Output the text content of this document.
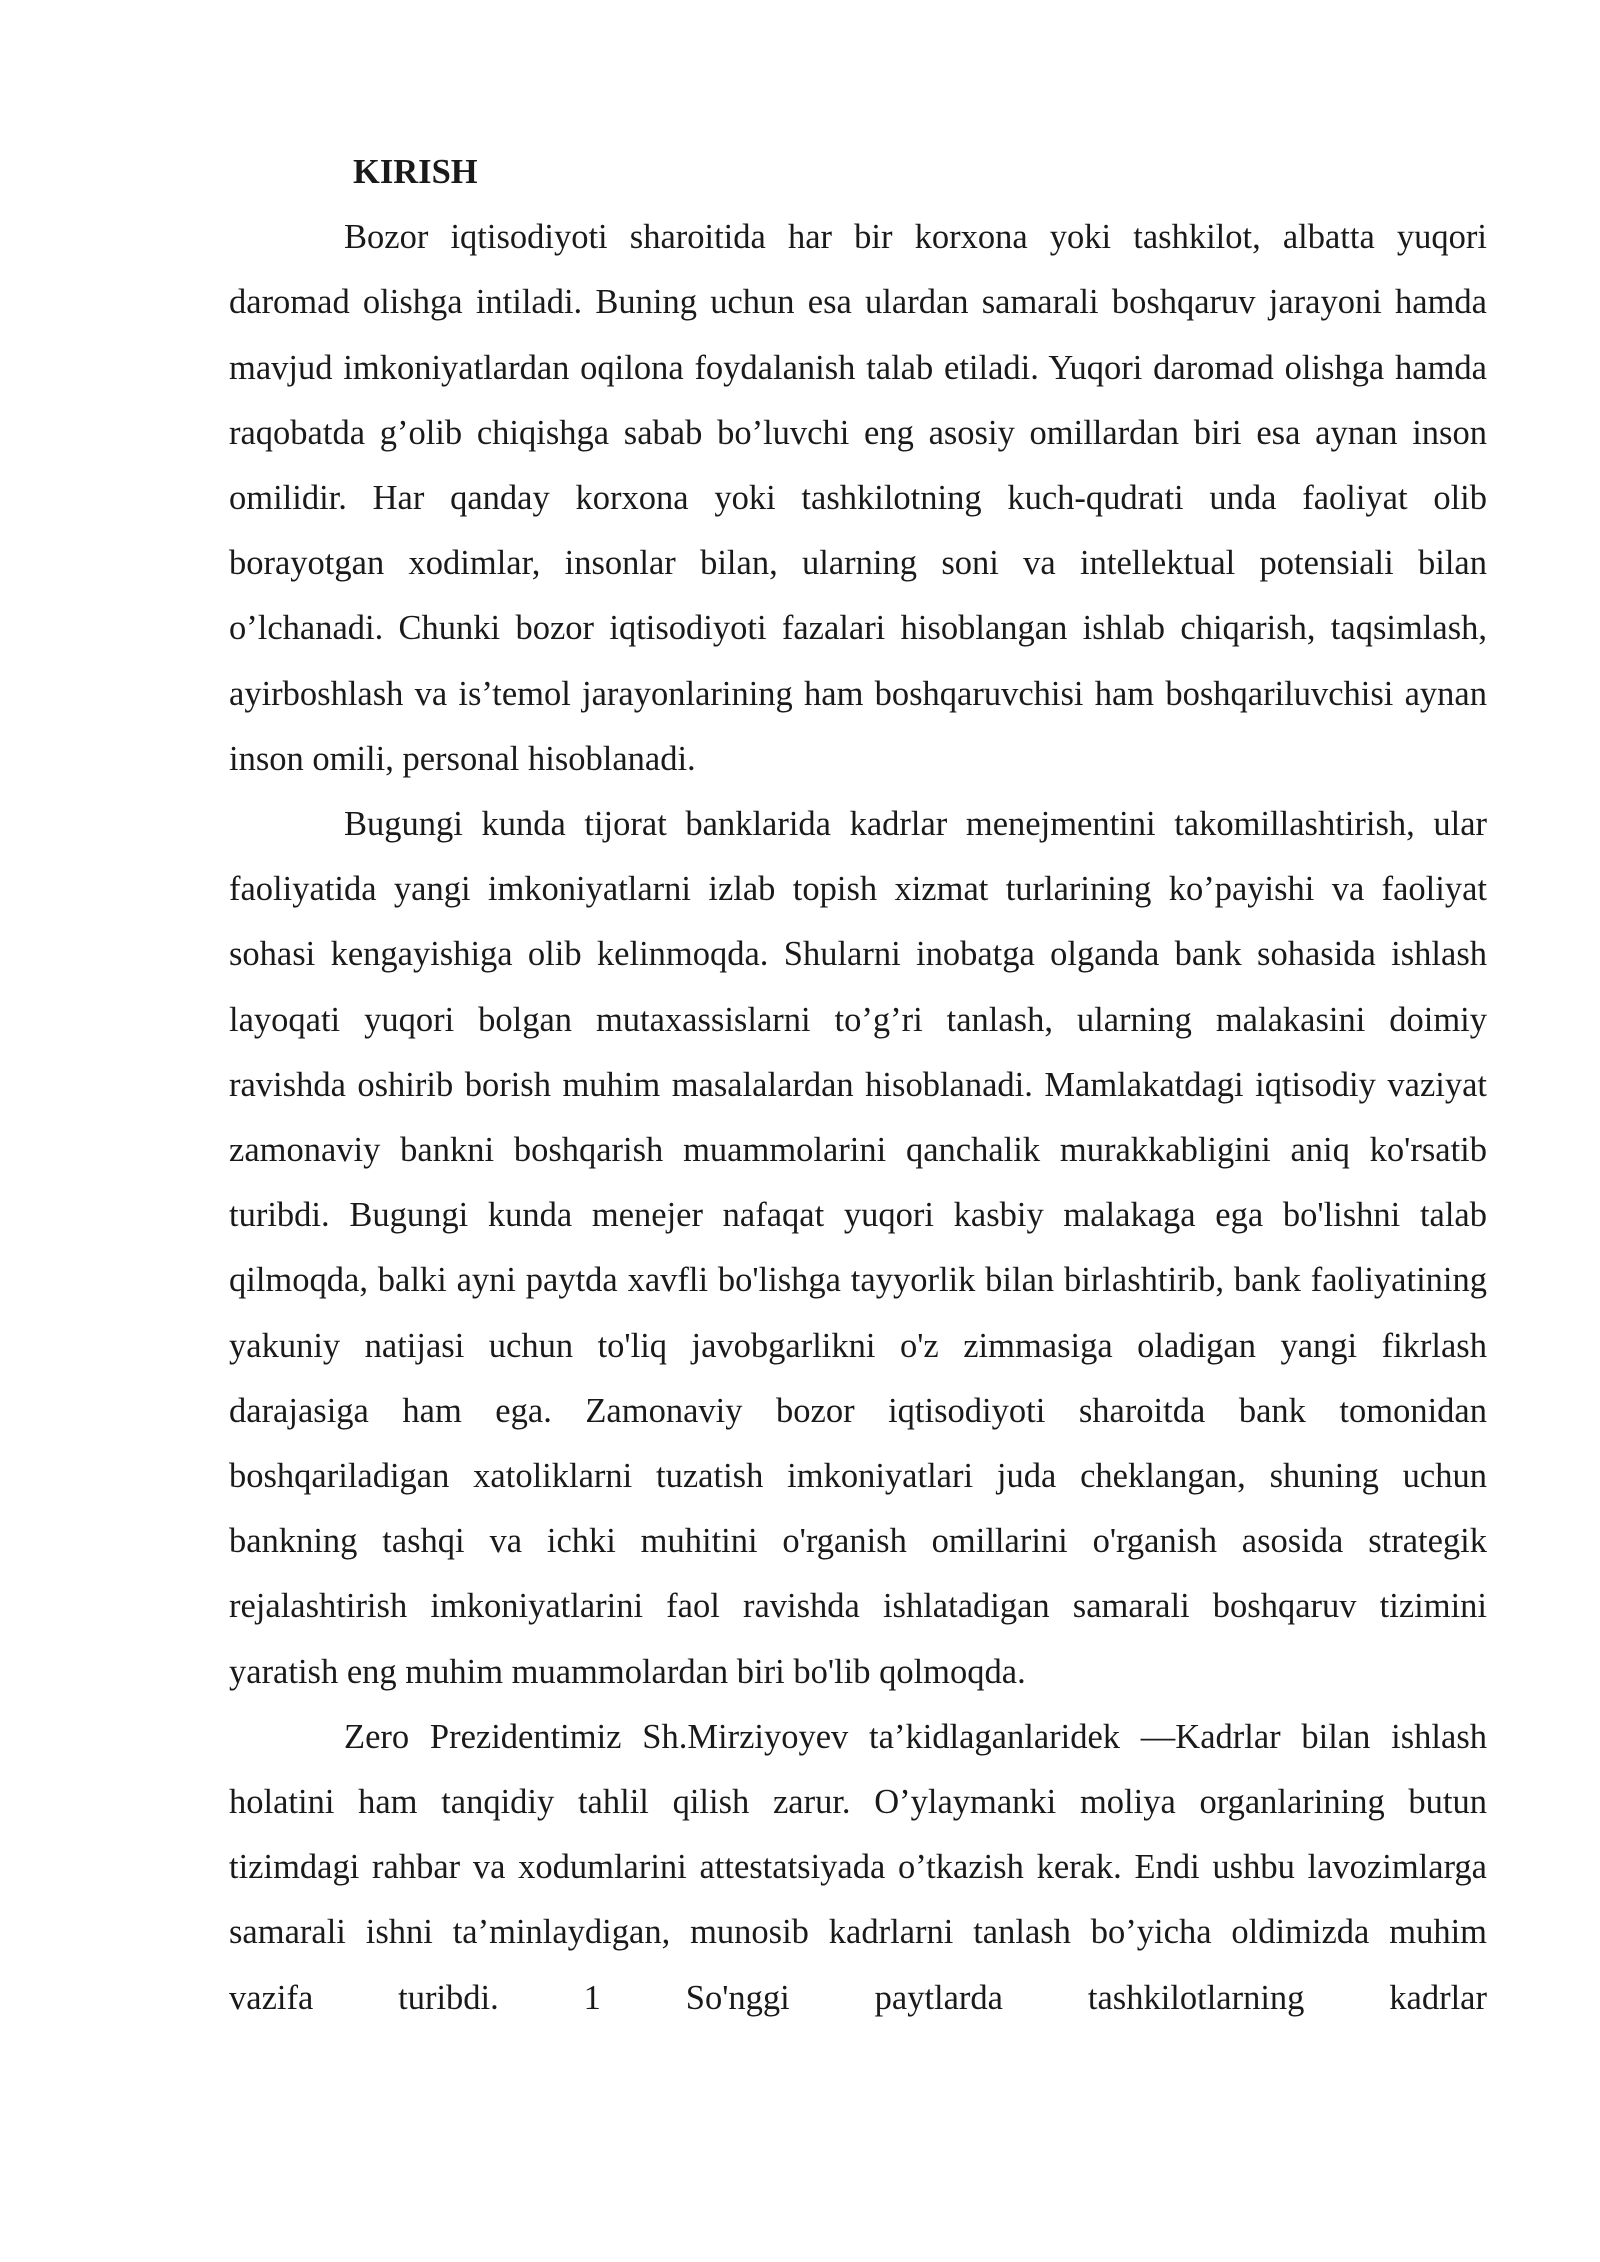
KIRISH

Bozor iqtisodiyoti sharoitida har bir korxona yoki tashkilot, albatta yuqori daromad olishga intiladi. Buning uchun esa ulardan samarali boshqaruv jarayoni hamda mavjud imkoniyatlardan oqilona foydalanish talab etiladi. Yuqori daromad olishga hamda raqobatda g’olib chiqishga sabab bo’luvchi eng asosiy omillardan biri esa aynan inson omilidir. Har qanday korxona yoki tashkilotning kuch-qudrati unda faoliyat olib borayotgan xodimlar, insonlar bilan, ularning soni va intellektual potensiali bilan o’lchanadi. Chunki bozor iqtisodiyoti fazalari hisoblangan ishlab chiqarish, taqsimlash, ayirboshlash va is’temol jarayonlarining ham boshqaruvchisi ham boshqariluvchisi aynan inson omili, personal hisoblanadi.

Bugungi kunda tijorat banklarida kadrlar menejmentini takomillashtirish, ular faoliyatida yangi imkoniyatlarni izlab topish xizmat turlarining ko’payishi va faoliyat sohasi kengayishiga olib kelinmoqda. Shularni inobatga olganda bank sohasida ishlash layoqati yuqori bolgan mutaxassislarni to’g’ri tanlash, ularning malakasini doimiy ravishda oshirib borish muhim masalalardan hisoblanadi. Mamlakatdagi iqtisodiy vaziyat zamonaviy bankni boshqarish muammolarini qanchalik murakkabligini aniq ko'rsatib turibdi. Bugungi kunda menejer nafaqat yuqori kasbiy malakaga ega bo'lishni talab qilmoqda, balki ayni paytda xavfli bo'lishga tayyorlik bilan birlashtirib, bank faoliyatining yakuniy natijasi uchun to'liq javobgarlikni o'z zimmasiga oladigan yangi fikrlash darajasiga ham ega. Zamonaviy bozor iqtisodiyoti sharoitda bank tomonidan boshqariladigan xatoliklarni tuzatish imkoniyatlari juda cheklangan, shuning uchun bankning tashqi va ichki muhitini o'rganish omillarini o'rganish asosida strategik rejalashtirish imkoniyatlarini faol ravishda ishlatadigan samarali boshqaruv tizimini yaratish eng muhim muammolardan biri bo'lib qolmoqda.

Zero Prezidentimiz Sh.Mirziyoyev ta’kidlaganlaridek ―Kadrlar bilan ishlash holatini ham tanqidiy tahlil qilish zarur. O’ylaymanki moliya organlarining butun tizimdagi rahbar va xodumlarini attestatsiyada o’tkazish kerak. Endi ushbu lavozimlarga samarali ishni ta’minlaydigan, munosib kadrlarni tanlash bo’yicha oldimizda muhim vazifa turibdi. 1 So'nggi paytlarda tashkilotlarning kadrlar
